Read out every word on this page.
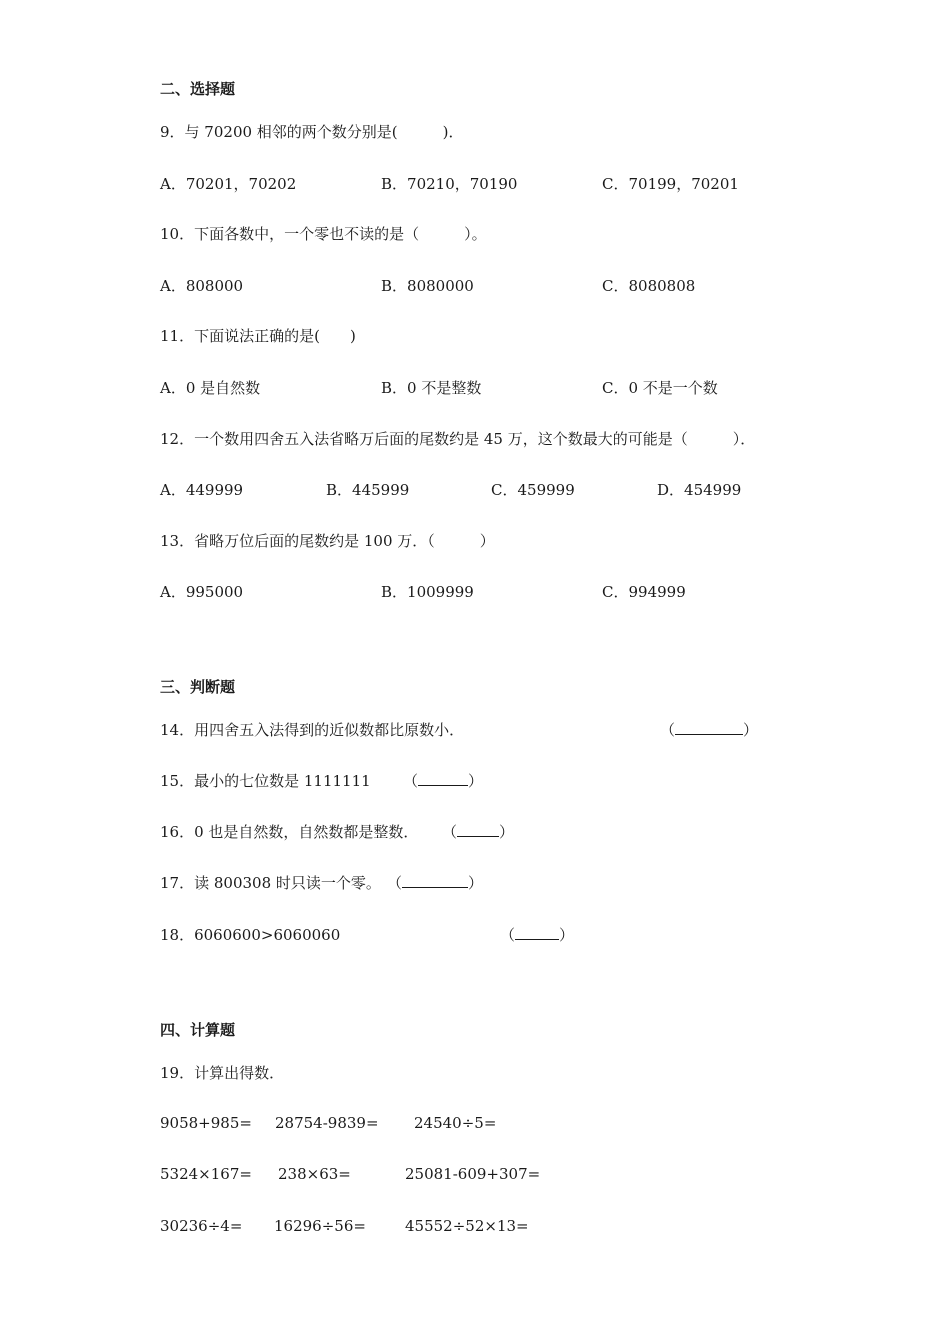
二、选择题
9．与 70200 相邻的两个数分别是(　　　)．
A．70201，70202	B．70210，70190	C．70199，70201
10．下面各数中，一个零也不读的是（　　　）。
A．808000	B．8080000	C．8080808
11．下面说法正确的是(　　)
A．0 是自然数	B．0 不是整数	C．0 不是一个数
12．一个数用四舍五入法省略万后面的尾数约是 45 万，这个数最大的可能是（　　　）．
A．449999	B．445999	C．459999	D．454999
13．省略万位后面的尾数约是 100 万．（　　　）
A．995000	B．1009999	C．994999
三、判断题
14．用四舍五入法得到的近似数都比原数小．	（	）
15．最小的七位数是 1111111 （	）
16．0 也是自然数，自然数都是整数． （	）
17．读 800308 时只读一个零。 （	）
18．6060600>6060060	（	）
四、计算题
19．计算出得数．
9058+985= 28754-9839= 24540÷5=
5324×167= 238×63=	25081-609+307=
30236÷4= 16296÷56=	45552÷52×13=
